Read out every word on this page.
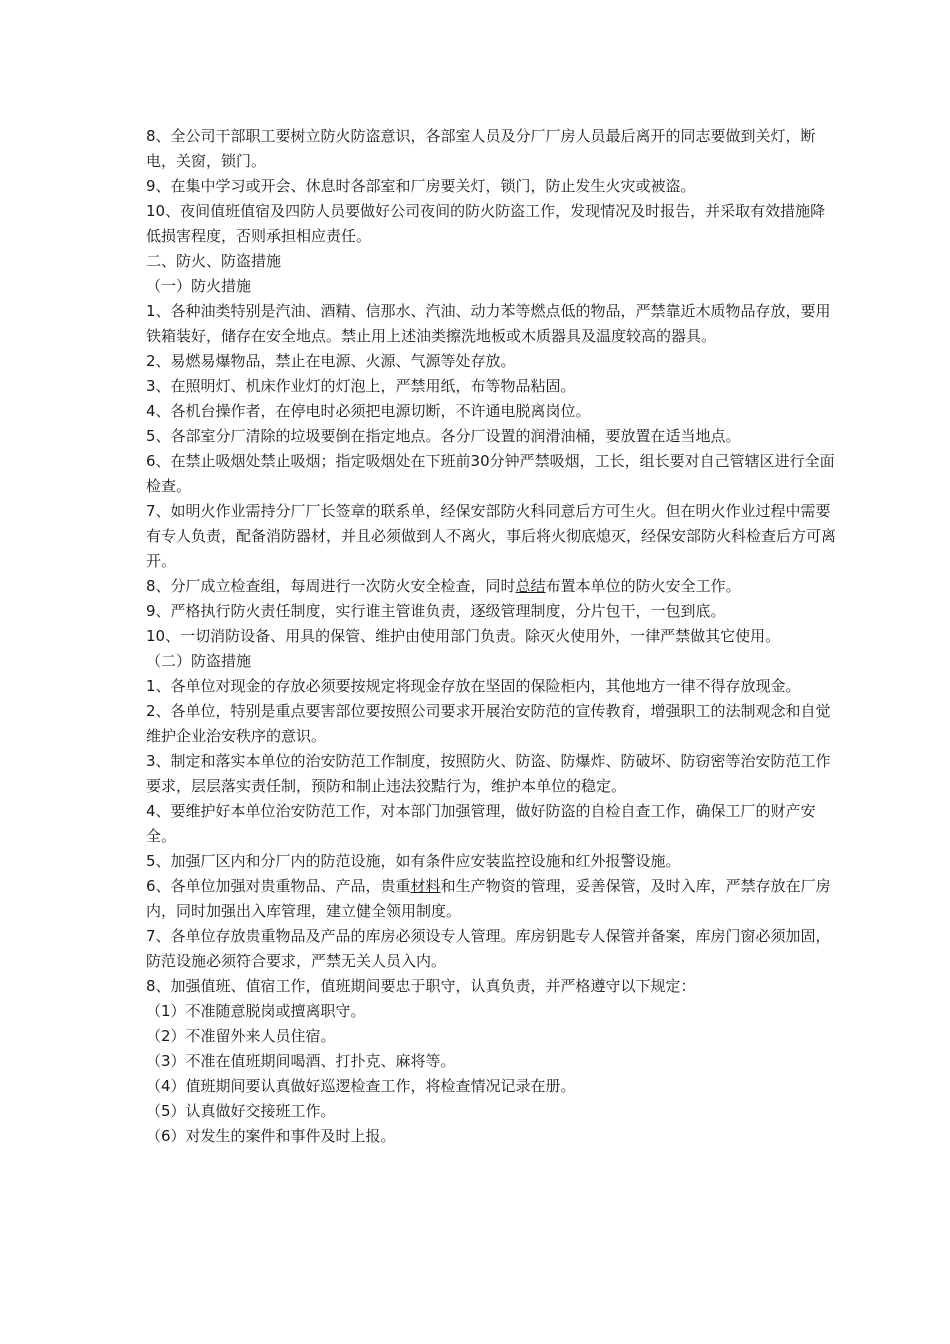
8、全公司干部职工要树立防火防盗意识，各部室人员及分厂厂房人员最后离开的同志要做到关灯，断电，关窗，锁门。

9、在集中学习或开会、休息时各部室和厂房要关灯，锁门，防止发生火灾或被盗。

10、夜间值班值宿及四防人员要做好公司夜间的防火防盗工作，发现情况及时报告，并采取有效措施降低损害程度，否则承担相应责任。

二、防火、防盗措施

（一）防火措施

1、各种油类特别是汽油、酒精、信那水、汽油、动力苯等燃点低的物品，严禁靠近木质物品存放，要用铁箱装好，储存在安全地点。禁止用上述油类擦洗地板或木质器具及温度较高的器具。

2、易燃易爆物品，禁止在电源、火源、气源等处存放。

3、在照明灯、机床作业灯的灯泡上，严禁用纸，布等物品粘固。

4、各机台操作者，在停电时必须把电源切断，不许通电脱离岗位。

5、各部室分厂清除的垃圾要倒在指定地点。各分厂设置的润滑油桶，要放置在适当地点。

6、在禁止吸烟处禁止吸烟；指定吸烟处在下班前30分钟严禁吸烟，工长，组长要对自己管辖区进行全面检查。

7、如明火作业需持分厂厂长签章的联系单，经保安部防火科同意后方可生火。但在明火作业过程中需要有专人负责，配备消防器材，并且必须做到人不离火，事后将火彻底熄灭，经保安部防火科检查后方可离开。

8、分厂成立检查组，每周进行一次防火安全检查，同时总结布置本单位的防火安全工作。

9、严格执行防火责任制度，实行谁主管谁负责，逐级管理制度，分片包干，一包到底。

10、一切消防设备、用具的保管、维护由使用部门负责。除灭火使用外，一律严禁做其它使用。

（二）防盗措施

1、各单位对现金的存放必须要按规定将现金存放在坚固的保险柜内，其他地方一律不得存放现金。

2、各单位，特别是重点要害部位要按照公司要求开展治安防范的宣传教育，增强职工的法制观念和自觉维护企业治安秩序的意识。

3、制定和落实本单位的治安防范工作制度，按照防火、防盗、防爆炸、防破坏、防窃密等治安防范工作要求，层层落实责任制，预防和制止违法狡黠行为，维护本单位的稳定。

4、要维护好本单位治安防范工作，对本部门加强管理，做好防盗的自检自查工作，确保工厂的财产安全。

5、加强厂区内和分厂内的防范设施，如有条件应安装监控设施和红外报警设施。

6、各单位加强对贵重物品、产品，贵重材料和生产物资的管理，妥善保管，及时入库，严禁存放在厂房内，同时加强出入库管理，建立健全领用制度。

7、各单位存放贵重物品及产品的库房必须设专人管理。库房钥匙专人保管并备案，库房门窗必须加固，防范设施必须符合要求，严禁无关人员入内。

8、加强值班、值宿工作，值班期间要忠于职守，认真负责，并严格遵守以下规定：

（1）不准随意脱岗或擅离职守。

（2）不准留外来人员住宿。

（3）不准在值班期间喝酒、打扑克、麻将等。

（4）值班期间要认真做好巡逻检查工作，将检查情况记录在册。

（5）认真做好交接班工作。

（6）对发生的案件和事件及时上报。
